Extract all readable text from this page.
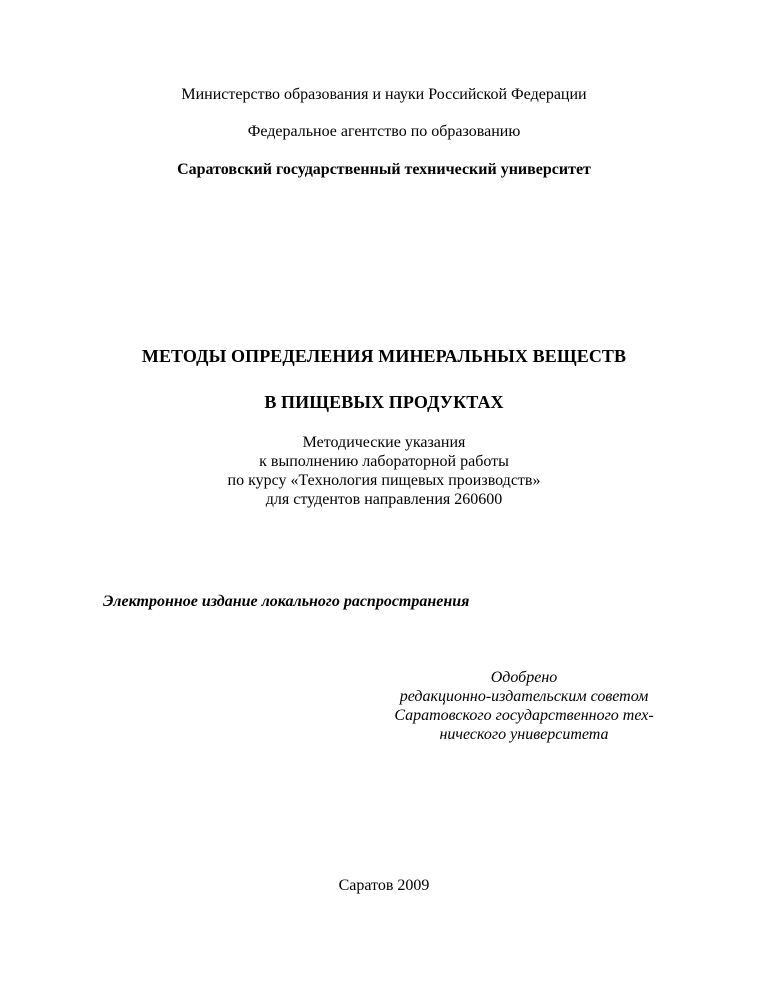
Министерство образования и науки Российской Федерации
Федеральное агентство по образованию
Саратовский государственный технический университет
МЕТОДЫ ОПРЕДЕЛЕНИЯ МИНЕРАЛЬНЫХ ВЕЩЕСТВ
В ПИЩЕВЫХ ПРОДУКТАХ
Методические указания
к выполнению лабораторной работы
по курсу «Технология пищевых производств»
для студентов направления 260600
Электронное издание локального распространения
Одобрено
редакционно-издательским советом
Саратовского государственного тех-
нического университета
Саратов 2009
